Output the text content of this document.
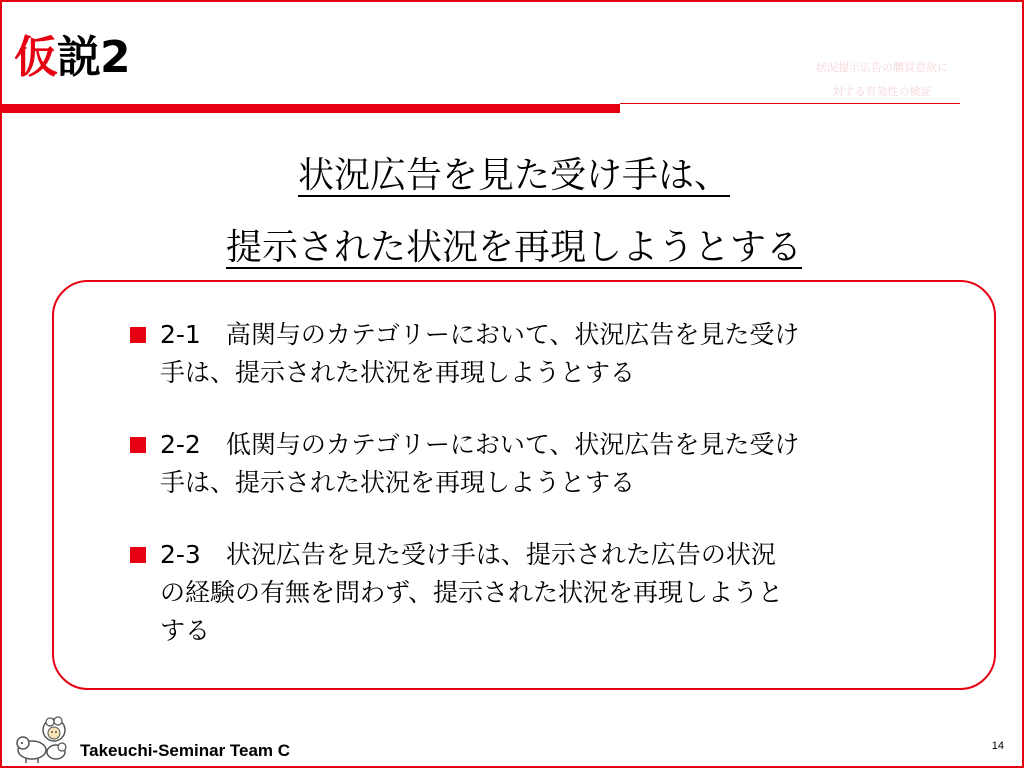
仮説2	状況提示広告の購買意欲に
対する有効性の検証
状況広告を見た受け手は、
提示された状況を再現しようとする
2-1　高関与のカテゴリーにおいて、状況広告を見た受け
手は、提示された状況を再現しようとする
2-2　低関与のカテゴリーにおいて、状況広告を見た受け
手は、提示された状況を再現しようとする
2-3　状況広告を見た受け手は、提示された広告の状況
の経験の有無を問わず、提示された状況を再現しようと
する
Takeuchi-Seminar Team C	14
